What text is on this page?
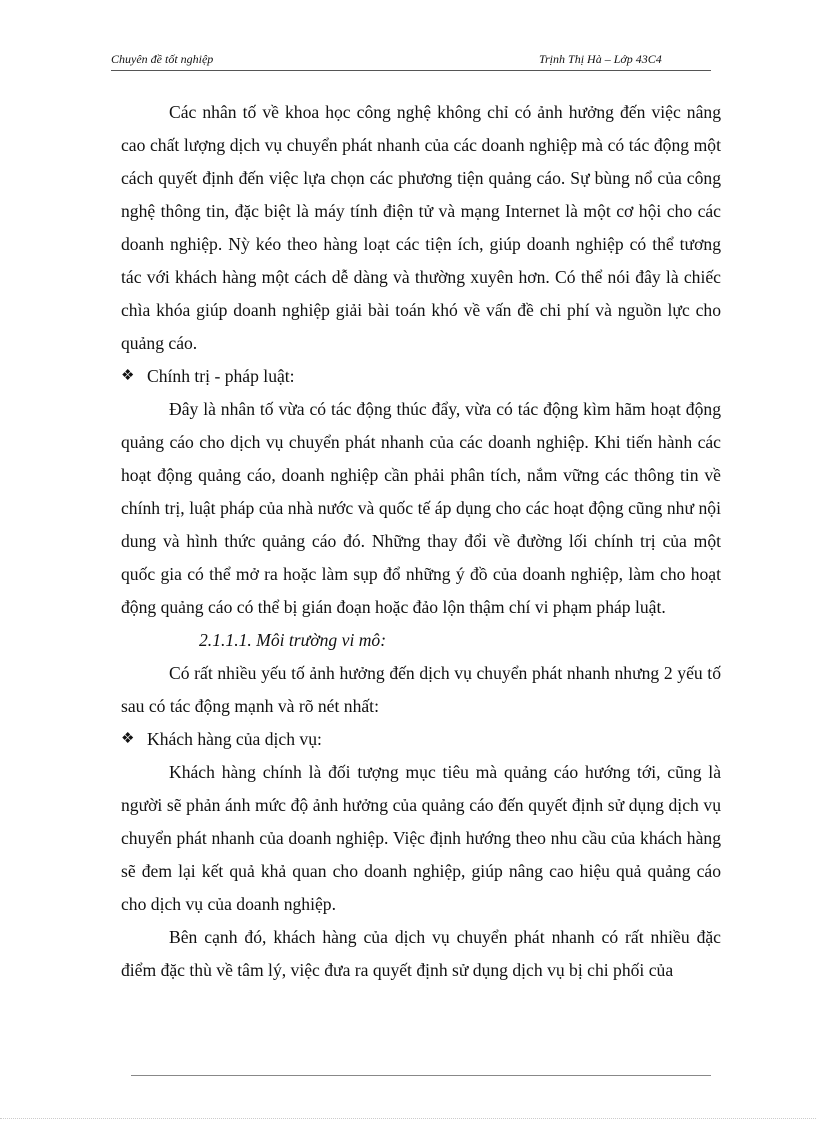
Chuyên đề tốt nghiệp	Trịnh Thị Hà – Lớp 43C4

Các nhân tố về khoa học công nghệ không chỉ có ảnh hưởng đến việc nâng cao chất lượng dịch vụ chuyển phát nhanh của các doanh nghiệp mà có tác động một cách quyết định đến việc lựa chọn các phương tiện quảng cáo. Sự bùng nổ của công nghệ thông tin, đặc biệt là máy tính điện tử và mạng Internet là một cơ hội cho các doanh nghiệp. Nỳ kéo theo hàng loạt các tiện ích, giúp doanh nghiệp có thể tương tác với khách hàng một cách dễ dàng và thường xuyên hơn. Có thể nói đây là chiếc chìa khóa giúp doanh nghiệp giải bài toán khó về vấn đề chi phí và nguồn lực cho quảng cáo.

❖ Chính trị - pháp luật:

Đây là nhân tố vừa có tác động thúc đẩy, vừa có tác động kìm hãm hoạt động quảng cáo cho dịch vụ chuyển phát nhanh của các doanh nghiệp. Khi tiến hành các hoạt động quảng cáo, doanh nghiệp cần phải phân tích, nắm vững các thông tin về chính trị, luật pháp của nhà nước và quốc tế áp dụng cho các hoạt động cũng như nội dung và hình thức quảng cáo đó. Những thay đổi về đường lối chính trị của một quốc gia có thể mở ra hoặc làm sụp đổ những ý đồ của doanh nghiệp, làm cho hoạt động quảng cáo có thể bị gián đoạn hoặc đảo lộn thậm chí vi phạm pháp luật.

2.1.1.1. Môi trường vi mô:

Có rất nhiều yếu tố ảnh hưởng đến dịch vụ chuyển phát nhanh nhưng 2 yếu tố sau có tác động mạnh và rõ nét nhất:

❖ Khách hàng của dịch vụ:

Khách hàng chính là đối tượng mục tiêu mà quảng cáo hướng tới, cũng là người sẽ phản ánh mức độ ảnh hưởng của quảng cáo đến quyết định sử dụng dịch vụ chuyển phát nhanh của doanh nghiệp. Việc định hướng theo nhu cầu của khách hàng sẽ đem lại kết quả khả quan cho doanh nghiệp, giúp nâng cao hiệu quả quảng cáo cho dịch vụ của doanh nghiệp.

Bên cạnh đó, khách hàng của dịch vụ chuyển phát nhanh có rất nhiều đặc điểm đặc thù về tâm lý, việc đưa ra quyết định sử dụng dịch vụ bị chi phối của
